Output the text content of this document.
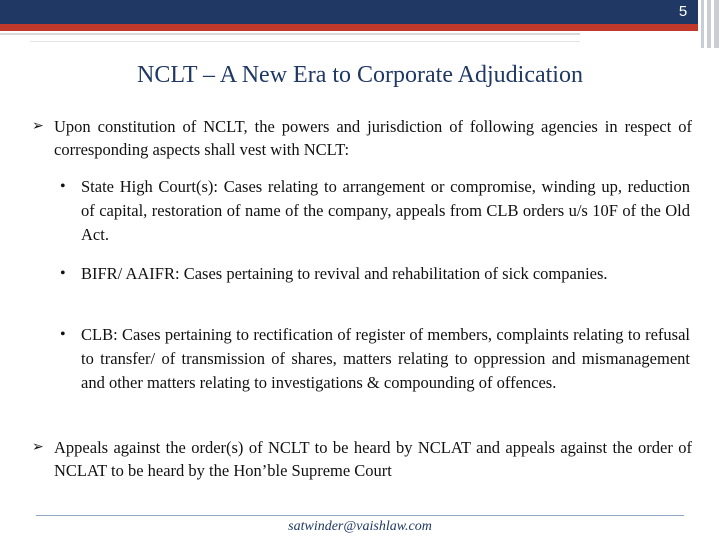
5
NCLT – A New Era to Corporate Adjudication
➢ Upon constitution of NCLT, the powers and jurisdiction of following agencies in respect of corresponding aspects shall vest with NCLT:
• State High Court(s): Cases relating to arrangement or compromise, winding up, reduction of capital, restoration of name of the company, appeals from CLB orders u/s 10F of the Old Act.
• BIFR/ AAIFR: Cases pertaining to revival and rehabilitation of sick companies.
• CLB: Cases pertaining to rectification of register of members, complaints relating to refusal to transfer/ of transmission of shares, matters relating to oppression and mismanagement and other matters relating to investigations & compounding of offences.
➢ Appeals against the order(s) of NCLT to be heard by NCLAT and appeals against the order of NCLAT to be heard by the Hon’ble Supreme Court
satwinder@vaishlaw.com
